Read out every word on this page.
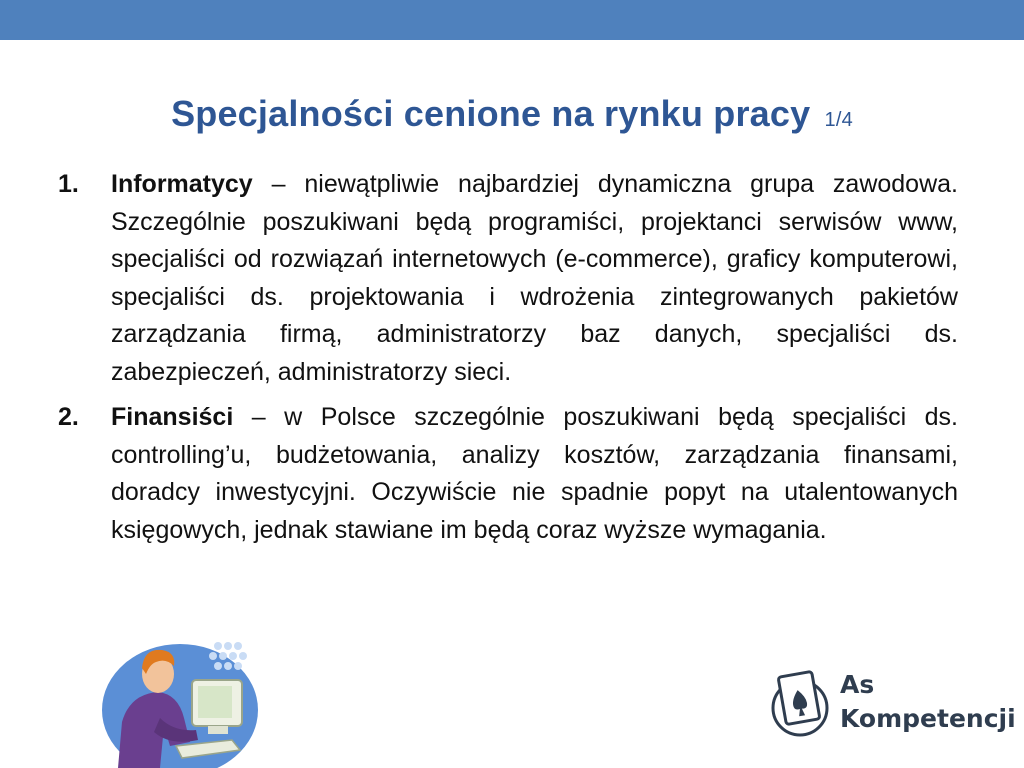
Specjalności cenione na rynku pracy 1/4
1. Informatycy – niewątpliwie najbardziej dynamiczna grupa zawodowa. Szczególnie poszukiwani będą programiści, projektanci serwisów www, specjaliści od rozwiązań internetowych (e-commerce), graficy komputerowi, specjaliści ds. projektowania i wdrożenia zintegrowanych pakietów zarządzania firmą, administratorzy baz danych, specjaliści ds. zabezpieczeń, administratorzy sieci.
2. Finansiści – w Polsce szczególnie poszukiwani będą specjaliści ds. controlling’u, budżetowania, analizy kosztów, zarządzania finansami, doradcy inwestycyjni. Oczywiście nie spadnie popyt na utalentowanych księgowych, jednak stawiane im będą coraz wyższe wymagania.
As
Kompetencji
